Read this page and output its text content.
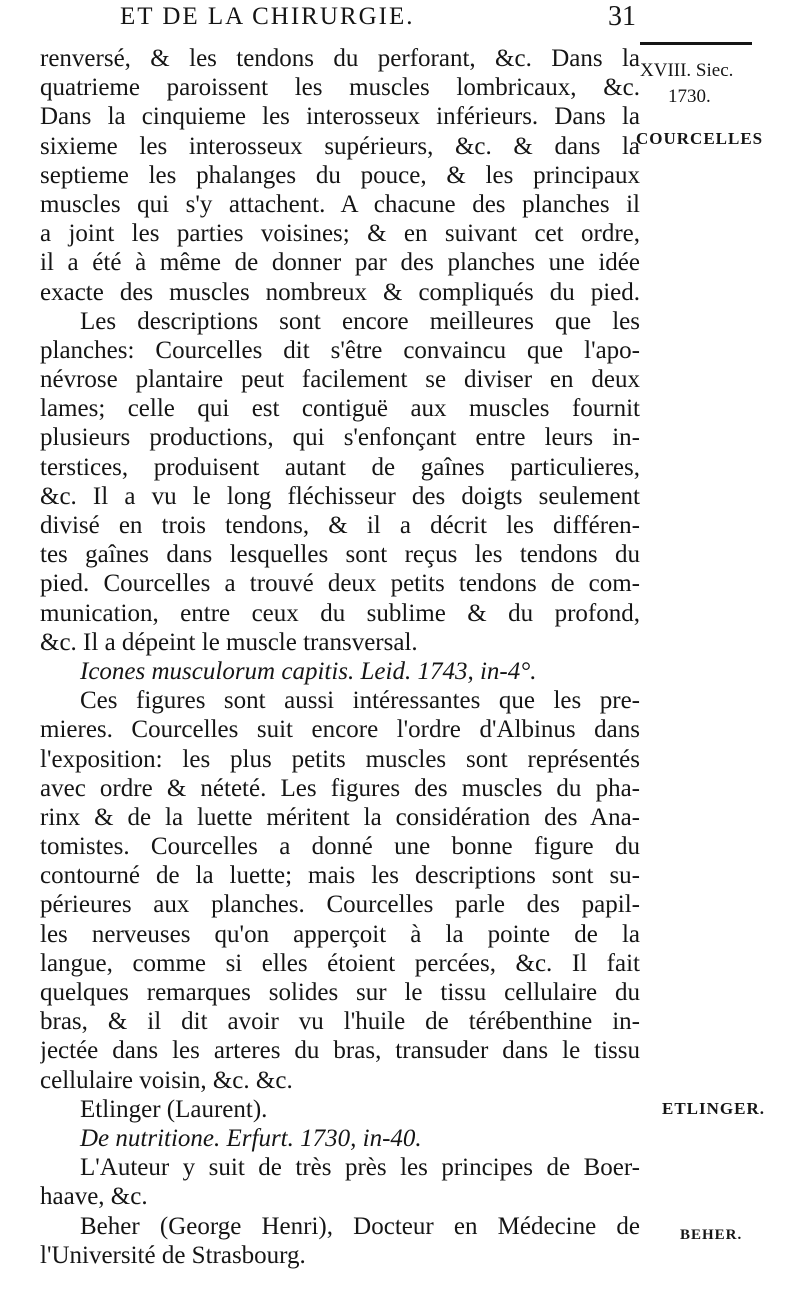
ET DE LA CHIRURGIE.	31
XVIII. Siec.
1730.
COURCELLES
ETLINGER.
BEHER.
renversé, & les tendons du perforant, &c. Dans la
quatrieme paroissent les muscles lombricaux, &c.
Dans la cinquieme les interosseux inférieurs. Dans la
sixieme les interosseux supérieurs, &c. & dans la
septieme les phalanges du pouce, & les principaux
muscles qui s'y attachent. A chacune des planches il
a joint les parties voisines; & en suivant cet ordre,
il a été à même de donner par des planches une idée
exacte des muscles nombreux & compliqués du pied.
Les descriptions sont encore meilleures que les
planches: Courcelles dit s'être convaincu que l'apo-
névrose plantaire peut facilement se diviser en deux
lames; celle qui est contiguë aux muscles fournit
plusieurs productions, qui s'enfonçant entre leurs in-
terstices, produisent autant de gaînes particulieres,
&c. Il a vu le long fléchisseur des doigts seulement
divisé en trois tendons, & il a décrit les différen-
tes gaînes dans lesquelles sont reçus les tendons du
pied. Courcelles a trouvé deux petits tendons de com-
munication, entre ceux du sublime & du profond,
&c. Il a dépeint le muscle transversal.
Icones musculorum capitis. Leid. 1743, in-4°.
Ces figures sont aussi intéressantes que les pre-
mieres. Courcelles suit encore l'ordre d'Albinus dans
l'exposition: les plus petits muscles sont représentés
avec ordre & néteté. Les figures des muscles du pha-
rinx & de la luette méritent la considération des Ana-
tomistes. Courcelles a donné une bonne figure du
contourné de la luette; mais les descriptions sont su-
périeures aux planches. Courcelles parle des papil-
les nerveuses qu'on apperçoit à la pointe de la
langue, comme si elles étoient percées, &c. Il fait
quelques remarques solides sur le tissu cellulaire du
bras, & il dit avoir vu l'huile de térébenthine in-
jectée dans les arteres du bras, transuder dans le tissu
cellulaire voisin, &c. &c.
Etlinger (Laurent).
De nutritione. Erfurt. 1730, in-40.
L'Auteur y suit de très près les principes de Boer-
haave, &c.
Beher (George Henri), Docteur en Médecine de
l'Université de Strasbourg.
